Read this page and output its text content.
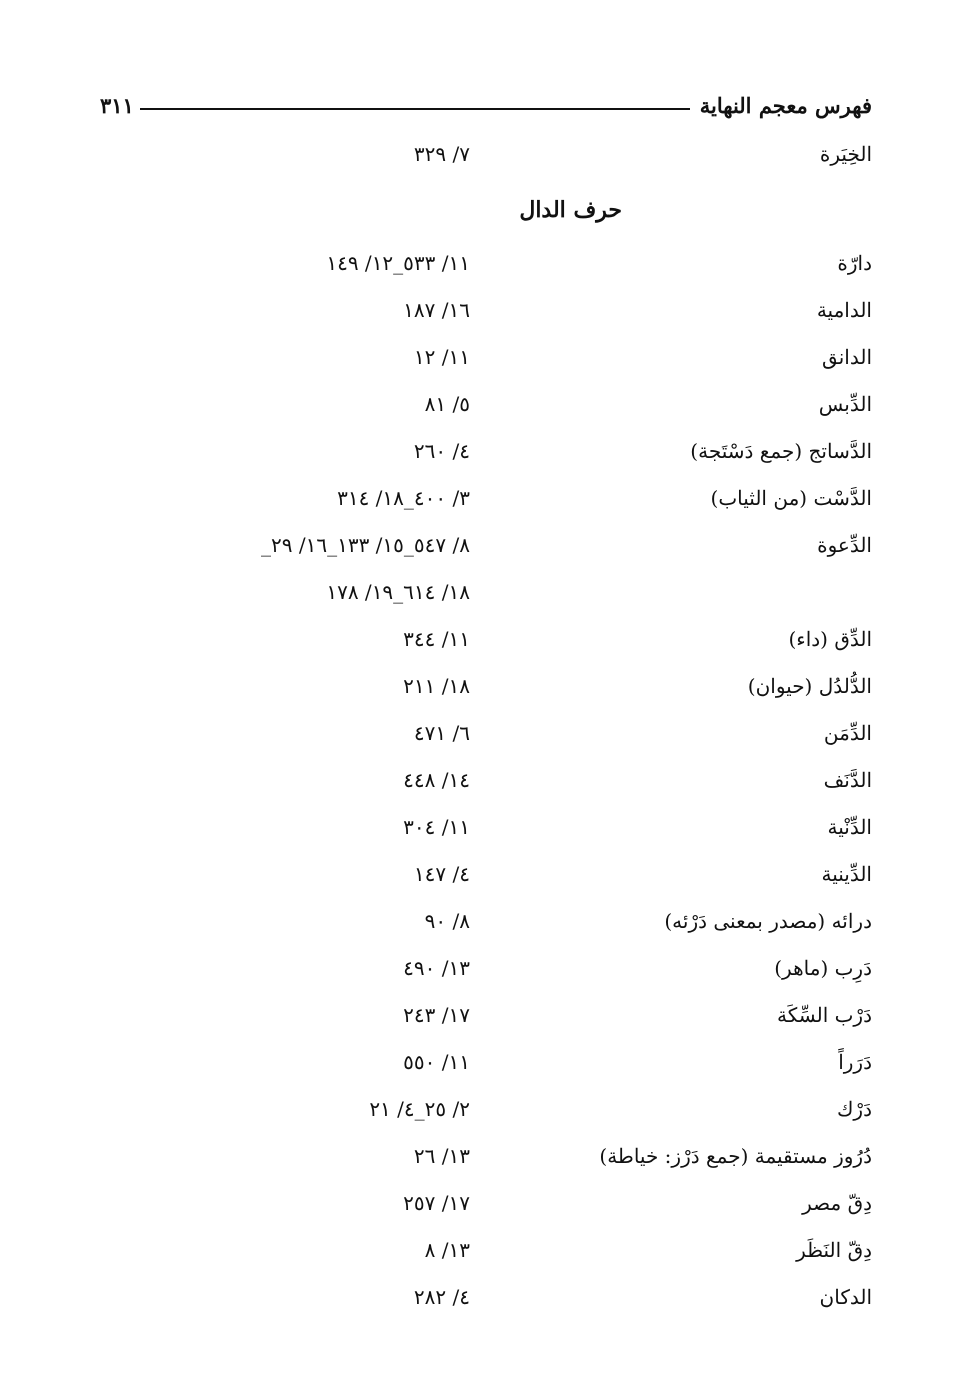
فهرس معجم النهاية
٣١١
الخِيَرة
٧/ ٣٢٩
حرف الدال
دارّة
١١/ ٥٣٣_١٢/ ١٤٩
الدامية
١٦/ ١٨٧
الدانق
١١/ ١٢
الدِّبس
٥/ ٨١
الدَّساتج (جمع دَسْتَجة)
٤/ ٢٦٠
الدَّسْت (من الثياب)
٣/ ٤٠٠_١٨/ ٣١٤
الدِّعوة
٨/ ٥٤٧_١٥/ ١٣٣_١٦/ ٢٩_
١٨/ ٦١٤_١٩/ ١٧٨
الدِّق (داء)
١١/ ٣٤٤
الدُّلدُل (حيوان)
١٨/ ٢١١
الدِّمَن
٦/ ٤٧١
الدَّنَف
١٤/ ٤٤٨
الدِّنْية
١١/ ٣٠٤
الدِّينية
٤/ ١٤٧
درائه (مصدر بمعنى دَرْئه)
٨/ ٩٠
دَرِب (ماهر)
١٣/ ٤٩٠
دَرْب السِّكَة
١٧/ ٢٤٣
دَرَراً
١١/ ٥٥٠
دَرْك
٢/ ٢٥_٤/ ٢١
دُرُوز مستقيمة (جمع دَرْز: خياطة)
١٣/ ٢٦
دِقّ مصر
١٧/ ٢٥٧
دِقّ النَظَر
١٣/ ٨
الدكان
٤/ ٢٨٢
